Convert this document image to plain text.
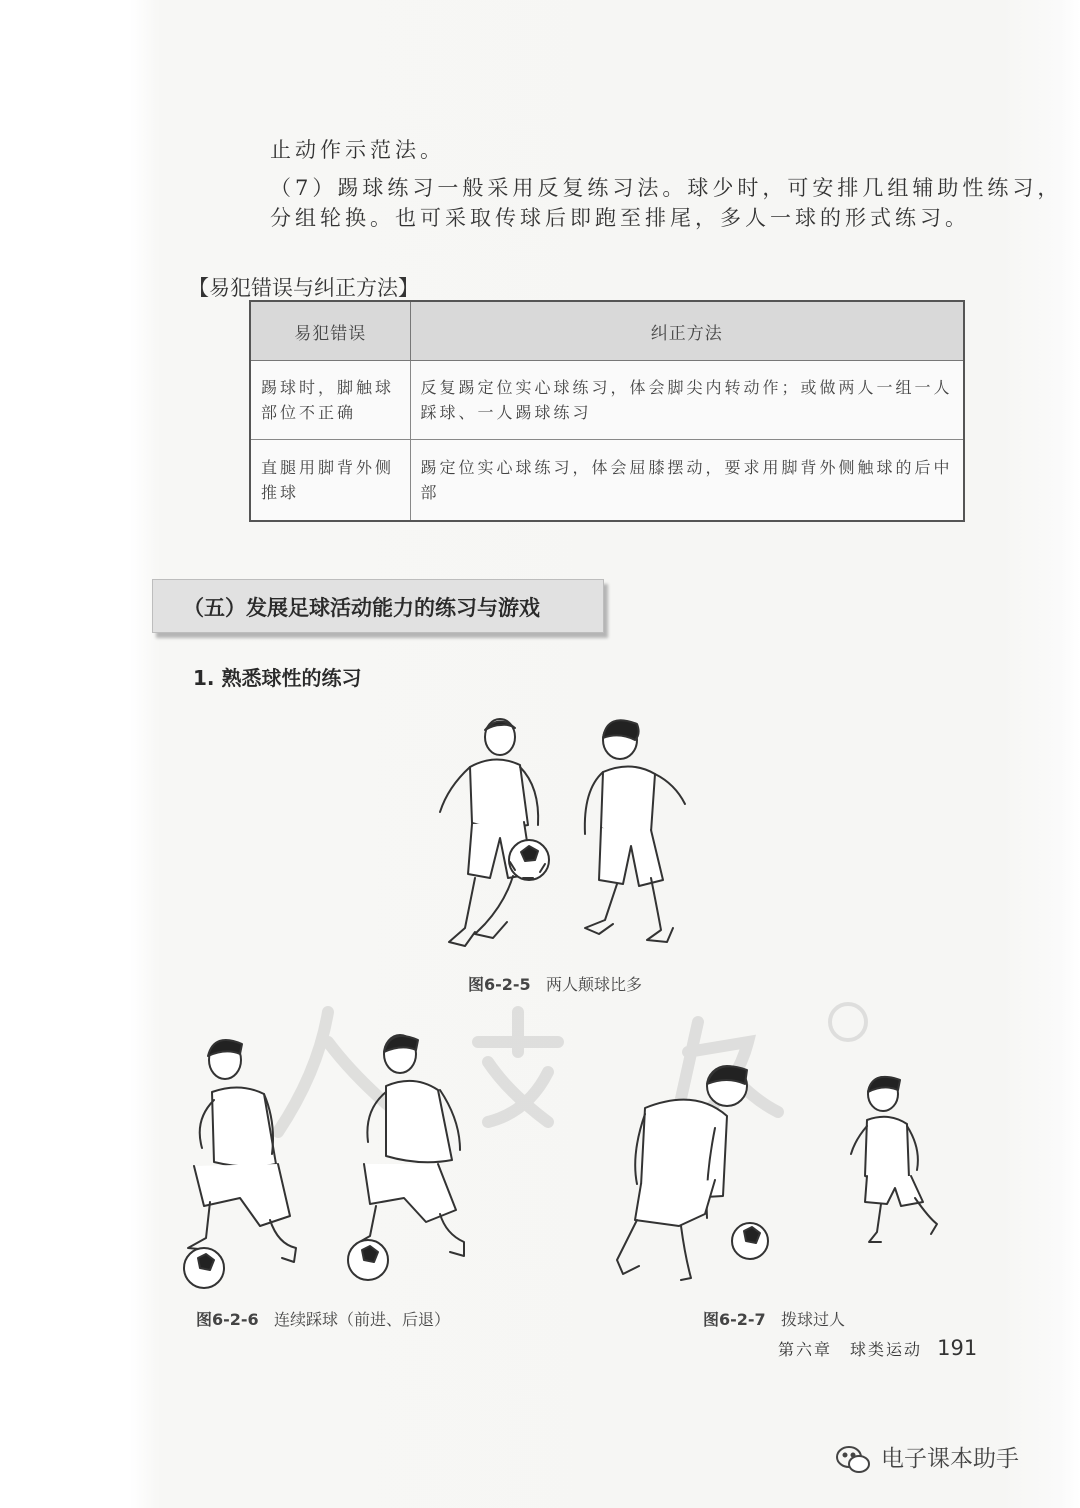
止动作示范法。
（7）踢球练习一般采用反复练习法。球少时，可安排几组辅助性练习，
分组轮换。也可采取传球后即跑至排尾，多人一球的形式练习。
【易犯错误与纠正方法】
易犯错误	纠正方法
踢球时，脚触球部位不正确	反复踢定位实心球练习，体会脚尖内转动作；或做两人一组一人踩球、一人踢球练习
直腿用脚背外侧推球	踢定位实心球练习，体会屈膝摆动，要求用脚背外侧触球的后中部
（五）发展足球活动能力的练习与游戏
1. 熟悉球性的练习
图6-2-5 两人颠球比多
图6-2-6 连续踩球（前进、后退）	图6-2-7 拨球过人
第六章　球类运动 191
电子课本助手
